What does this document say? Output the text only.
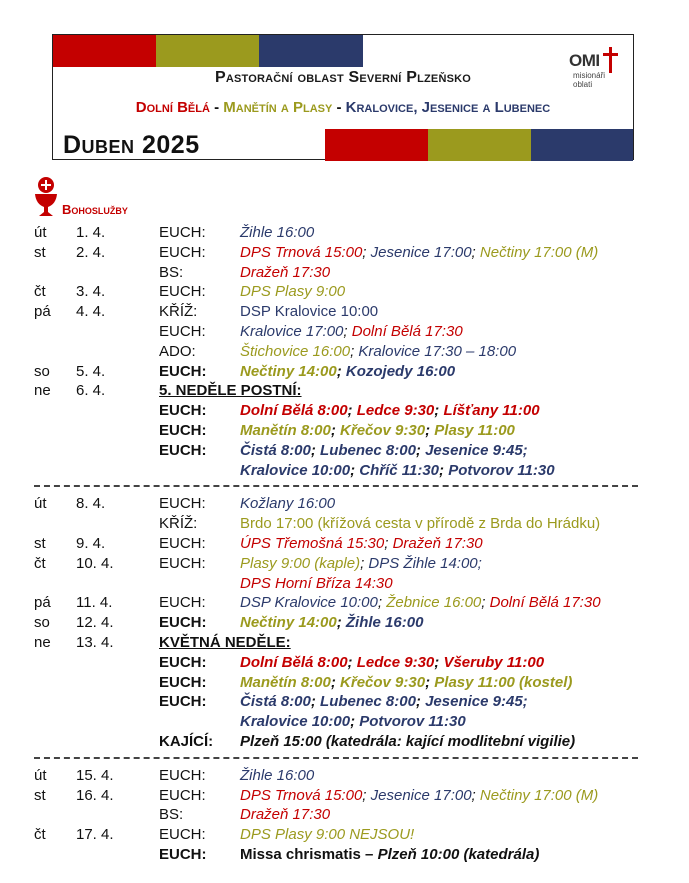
OMI
misionáři
oblati
Pastorační oblast Severní Plzeňsko
Dolní Bělá - Manětín a Plasy - Kralovice, Jesenice a Lubenec
Duben 2025
Bohoslužby
út 1. 4.	EUCH: Žihle 16:00
st 2. 4.	EUCH: DPS Trnová 15:00; Jesenice 17:00; Nečtiny 17:00 (M)
BS:	Dražeň 17:30
čt 3. 4.	EUCH: DPS Plasy 9:00
pá 4. 4.	KŘÍŽ:	DSP Kralovice 10:00
EUCH: Kralovice 17:00; Dolní Bělá 17:30
ADO:	Štichovice 16:00; Kralovice 17:30 – 18:00
so 5. 4.	EUCH: Nečtiny 14:00; Kozojedy 16:00
ne 6. 4.	5. NEDĚLE POSTNÍ:
EUCH: Dolní Bělá 8:00; Ledce 9:30; Líšťany 11:00
EUCH: Manětín 8:00; Křečov 9:30; Plasy 11:00
EUCH: Čistá 8:00; Lubenec 8:00; Jesenice 9:45;
Kralovice 10:00; Chříč 11:30; Potvorov 11:30
út 8. 4.	EUCH: Kožlany 16:00
KŘÍŽ:	Brdo 17:00 (křížová cesta v přírodě z Brda do Hrádku)
st 9. 4.	EUCH: ÚPS Třemošná 15:30; Dražeň 17:30
čt 10. 4.	EUCH: Plasy 9:00 (kaple); DPS Žihle 14:00;
DPS Horní Bříza 14:30
pá 11. 4.	EUCH: DSP Kralovice 10:00; Žebnice 16:00; Dolní Bělá 17:30
so 12. 4.	EUCH: Nečtiny 14:00; Žihle 16:00
ne 13. 4.	KVĚTNÁ NEDĚLE:
EUCH: Dolní Bělá 8:00; Ledce 9:30; Všeruby 11:00
EUCH: Manětín 8:00; Křečov 9:30; Plasy 11:00 (kostel)
EUCH: Čistá 8:00; Lubenec 8:00; Jesenice 9:45;
Kralovice 10:00; Potvorov 11:30
KAJÍCÍ: Plzeň 15:00 (katedrála: kající modlitební vigilie)
út 15. 4.	EUCH: Žihle 16:00
st 16. 4.	EUCH: DPS Trnová 15:00; Jesenice 17:00; Nečtiny 17:00 (M)
BS:	Dražeň 17:30
čt 17. 4.	EUCH: DPS Plasy 9:00 NEJSOU!
EUCH: Missa chrismatis – Plzeň 10:00 (katedrála)
